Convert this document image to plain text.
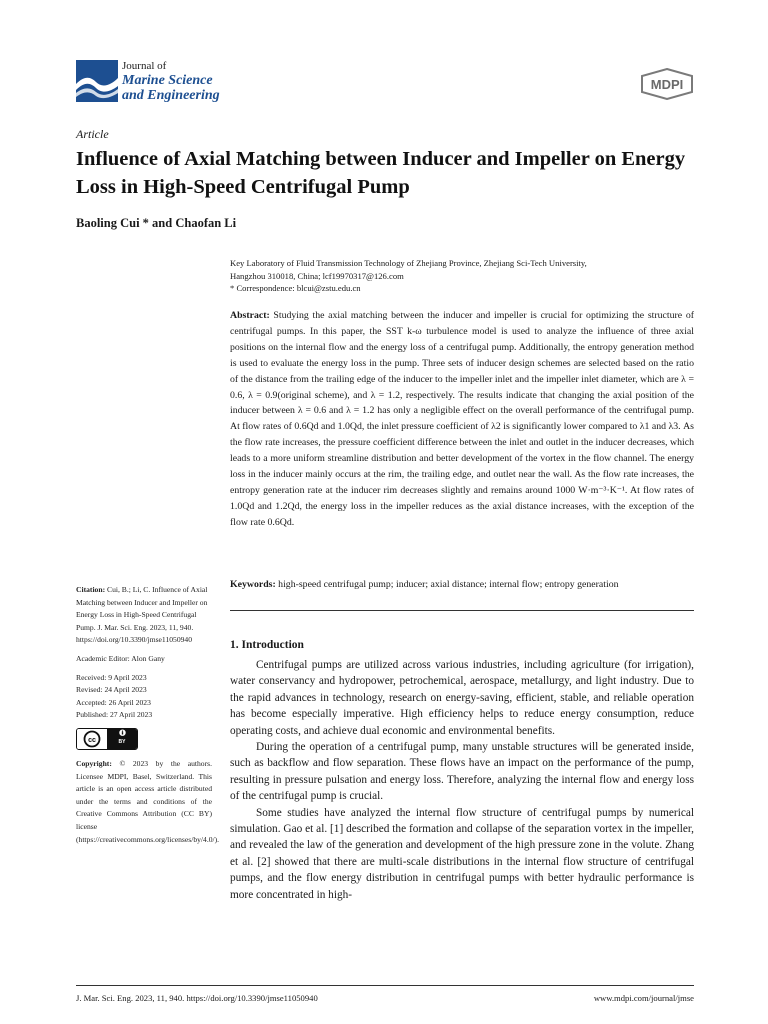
Journal of
Marine Science
and Engineering
MDPI
Article
Influence of Axial Matching between Inducer and Impeller on Energy Loss in High-Speed Centrifugal Pump
Baoling Cui * and Chaofan Li
Key Laboratory of Fluid Transmission Technology of Zhejiang Province, Zhejiang Sci-Tech University,
Hangzhou 310018, China; lcf19970317@126.com
* Correspondence: blcui@zstu.edu.cn
Abstract: Studying the axial matching between the inducer and impeller is crucial for optimizing the structure of centrifugal pumps. In this paper, the SST k-ω turbulence model is used to analyze the influence of three axial positions on the internal flow and the energy loss of a centrifugal pump. Additionally, the entropy generation method is used to evaluate the energy loss in the pump. Three sets of inducer design schemes are selected based on the ratio of the distance from the trailing edge of the inducer to the impeller inlet and the impeller inlet diameter, which are λ = 0.6, λ = 0.9(original scheme), and λ = 1.2, respectively. The results indicate that changing the axial position of the inducer between λ = 0.6 and λ = 1.2 has only a negligible effect on the overall performance of the centrifugal pump. At flow rates of 0.6Qd and 1.0Qd, the inlet pressure coefficient of λ2 is significantly lower compared to λ1 and λ3. As the flow rate increases, the pressure coefficient difference between the inlet and outlet in the inducer decreases, which leads to a more uniform streamline distribution and better development of the vortex in the flow channel. The energy loss in the inducer mainly occurs at the rim, the trailing edge, and outlet near the wall. As the flow rate increases, the entropy generation rate at the inducer rim decreases slightly and remains around 1000 W·m⁻³·K⁻¹. At flow rates of 1.0Qd and 1.2Qd, the energy loss in the impeller reduces as the axial distance increases, with the exception of the flow rate 0.6Qd.
Keywords: high-speed centrifugal pump; inducer; axial distance; internal flow; entropy generation
Citation: Cui, B.; Li, C. Influence of Axial Matching between Inducer and Impeller on Energy Loss in High-Speed Centrifugal Pump. J. Mar. Sci. Eng. 2023, 11, 940. https://doi.org/10.3390/jmse11050940
Academic Editor: Alon Gany
Received: 9 April 2023
Revised: 24 April 2023
Accepted: 26 April 2023
Published: 27 April 2023
cc	BY
Copyright: © 2023 by the authors. Licensee MDPI, Basel, Switzerland. This article is an open access article distributed under the terms and conditions of the Creative Commons Attribution (CC BY) license (https://creativecommons.org/licenses/by/4.0/).
1. Introduction

Centrifugal pumps are utilized across various industries, including agriculture (for irrigation), water conservancy and hydropower, petrochemical, aerospace, metallurgy, and light industry. Due to the rapid advances in technology, research on energy-saving, efficient, stable, and reliable operation has become especially imperative. High efficiency helps to reduce energy consumption, reduce operating costs, and achieve dual economic and environmental benefits.

During the operation of a centrifugal pump, many unstable structures will be generated inside, such as backflow and flow separation. These flows have an impact on the performance of the pump, resulting in pressure pulsation and energy loss. Therefore, analyzing the internal flow and energy loss of the centrifugal pump is crucial.

Some studies have analyzed the internal flow structure of centrifugal pumps by numerical simulation. Gao et al. [1] described the formation and collapse of the separation vortex in the impeller, and revealed the law of the generation and development of the high pressure zone in the volute. Zhang et al. [2] showed that there are multi-scale distributions in the internal flow structure of centrifugal pumps, and the flow energy distribution in centrifugal pumps with better hydraulic performance is more concentrated in high-

J. Mar. Sci. Eng. 2023, 11, 940. https://doi.org/10.3390/jmse11050940	www.mdpi.com/journal/jmse
